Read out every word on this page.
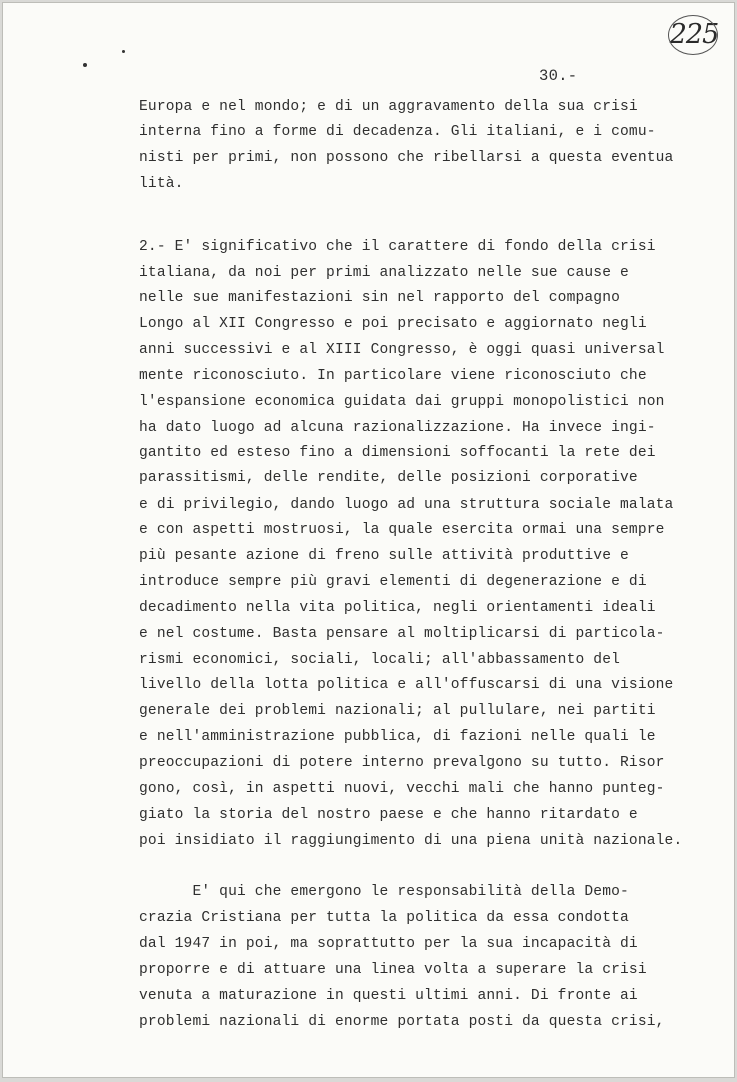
225
30.-
Europa e nel mondo; e di un aggravamento della sua crisi
interna fino a forme di decadenza. Gli italiani, e i comu-
nisti per primi, non possono che ribellarsi a questa eventua
lità.
2.- E' significativo che il carattere di fondo della crisi
italiana, da noi per primi analizzato nelle sue cause e
nelle sue manifestazioni sin nel rapporto del compagno
Longo al XII Congresso e poi precisato e aggiornato negli
anni successivi e al XIII Congresso, è oggi quasi universal
mente riconosciuto. In particolare viene riconosciuto che
l'espansione economica guidata dai gruppi monopolistici non
ha dato luogo ad alcuna razionalizzazione. Ha invece ingi-
gantito ed esteso fino a dimensioni soffocanti la rete dei
parassitismi, delle rendite, delle posizioni corporative
e di privilegio, dando luogo ad una struttura sociale malata
e con aspetti mostruosi, la quale esercita ormai una sempre
più pesante azione di freno sulle attività produttive e
introduce sempre più gravi elementi di degenerazione e di
decadimento nella vita politica, negli orientamenti ideali
e nel costume. Basta pensare al moltiplicarsi di particola-
rismi economici, sociali, locali; all'abbassamento del
livello della lotta politica e all'offuscarsi di una visione
generale dei problemi nazionali; al pullulare, nei partiti
e nell'amministrazione pubblica, di fazioni nelle quali le
preoccupazioni di potere interno prevalgono su tutto. Risor
gono, così, in aspetti nuovi, vecchi mali che hanno punteg-
giato la storia del nostro paese e che hanno ritardato e
poi insidiato il raggiungimento di una piena unità nazionale.
E' qui che emergono le responsabilità della Demo-
crazia Cristiana per tutta la politica da essa condotta
dal 1947 in poi, ma soprattutto per la sua incapacità di
proporre e di attuare una linea volta a superare la crisi
venuta a maturazione in questi ultimi anni. Di fronte ai
problemi nazionali di enorme portata posti da questa crisi,
